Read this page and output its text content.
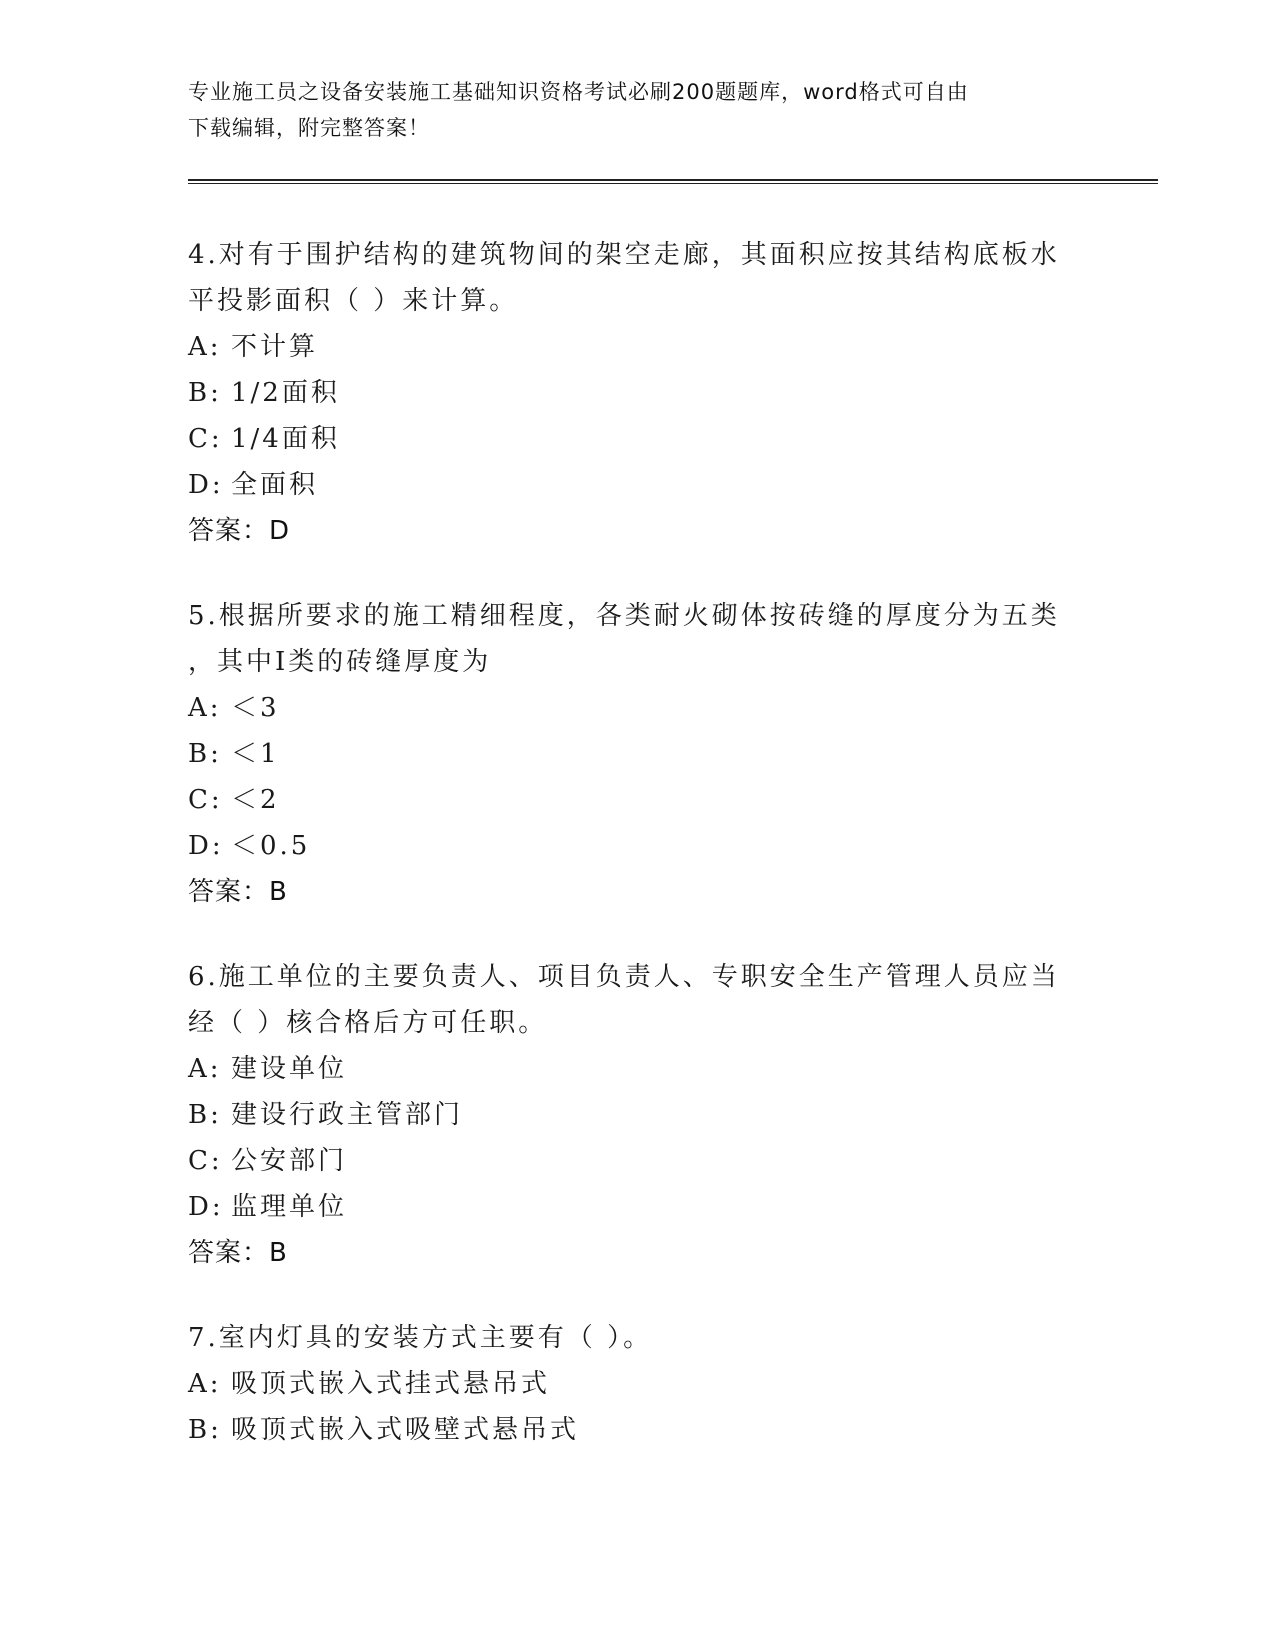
专业施工员之设备安装施工基础知识资格考试必刷200题题库，word格式可自由
下载编辑，附完整答案！
4.对有于围护结构的建筑物间的架空走廊，其面积应按其结构底板水
平投影面积（ ）来计算。
A: 不计算
B: 1/2面积
C: 1/4面积
D: 全面积
答案：D
5.根据所要求的施工精细程度，各类耐火砌体按砖缝的厚度分为五类
，其中Ⅰ类的砖缝厚度为
A: ＜3
B: ＜1
C: ＜2
D: ＜0.5
答案：B
6.施工单位的主要负责人、项目负责人、专职安全生产管理人员应当
经（ ）核合格后方可任职。
A: 建设单位
B: 建设行政主管部门
C: 公安部门
D: 监理单位
答案：B
7.室内灯具的安装方式主要有（ ）。
A: 吸顶式嵌入式挂式悬吊式
B: 吸顶式嵌入式吸壁式悬吊式
